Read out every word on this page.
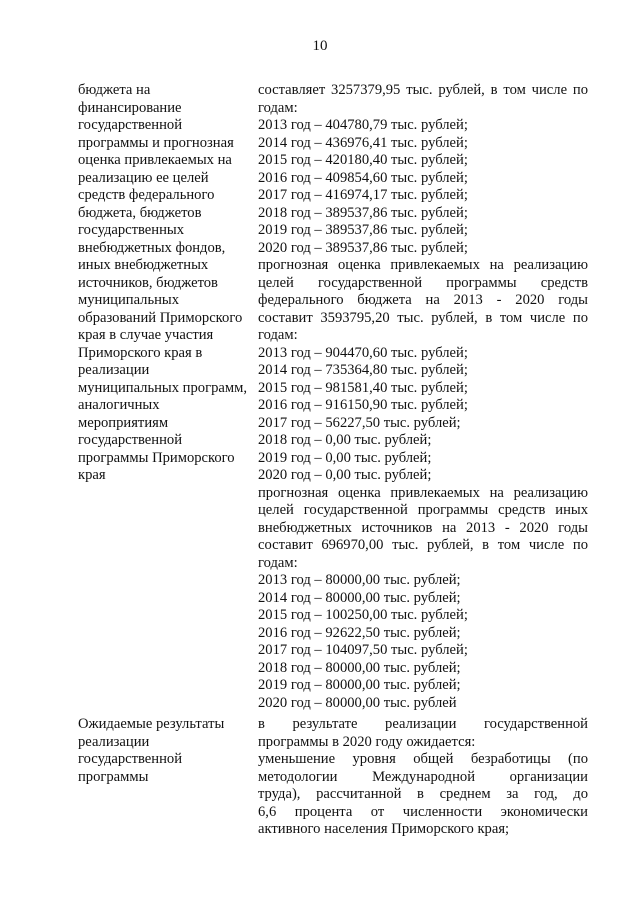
10
бюджета на
финансирование
государственной
программы и прогнозная
оценка привлекаемых на
реализацию ее целей
средств федерального
бюджета, бюджетов
государственных
внебюджетных фондов,
иных внебюджетных
источников, бюджетов
муниципальных
образований Приморского
края в случае участия
Приморского края в
реализации
муниципальных программ,
аналогичных
мероприятиям
государственной
программы Приморского
края
составляет 3257379,95 тыс. рублей, в том числе по
годам:
2013 год – 404780,79 тыс. рублей;
2014 год – 436976,41 тыс. рублей;
2015 год – 420180,40 тыс. рублей;
2016 год – 409854,60 тыс. рублей;
2017 год – 416974,17 тыс. рублей;
2018 год – 389537,86 тыс. рублей;
2019 год – 389537,86 тыс. рублей;
2020 год – 389537,86 тыс. рублей;
прогнозная оценка привлекаемых на реализацию
целей государственной программы средств
федерального бюджета на 2013 - 2020 годы
составит 3593795,20 тыс. рублей, в том числе по
годам:
2013 год – 904470,60 тыс. рублей;
2014 год – 735364,80 тыс. рублей;
2015 год – 981581,40 тыс. рублей;
2016 год – 916150,90 тыс. рублей;
2017 год – 56227,50 тыс. рублей;
2018 год – 0,00 тыс. рублей;
2019 год – 0,00 тыс. рублей;
2020 год – 0,00 тыс. рублей;
прогнозная оценка привлекаемых на реализацию
целей государственной программы средств иных
внебюджетных источников на 2013 - 2020 годы
составит 696970,00 тыс. рублей, в том числе по
годам:
2013 год – 80000,00 тыс. рублей;
2014 год – 80000,00 тыс. рублей;
2015 год – 100250,00 тыс. рублей;
2016 год – 92622,50 тыс. рублей;
2017 год – 104097,50 тыс. рублей;
2018 год – 80000,00 тыс. рублей;
2019 год – 80000,00 тыс. рублей;
2020 год – 80000,00 тыс. рублей
Ожидаемые результаты
реализации
государственной
программы
в результате реализации государственной
программы в 2020 году ожидается:
уменьшение уровня общей безработицы (по
методологии Международной организации
труда), рассчитанной в среднем за год, до
6,6 процента от численности экономически
активного населения Приморского края;
